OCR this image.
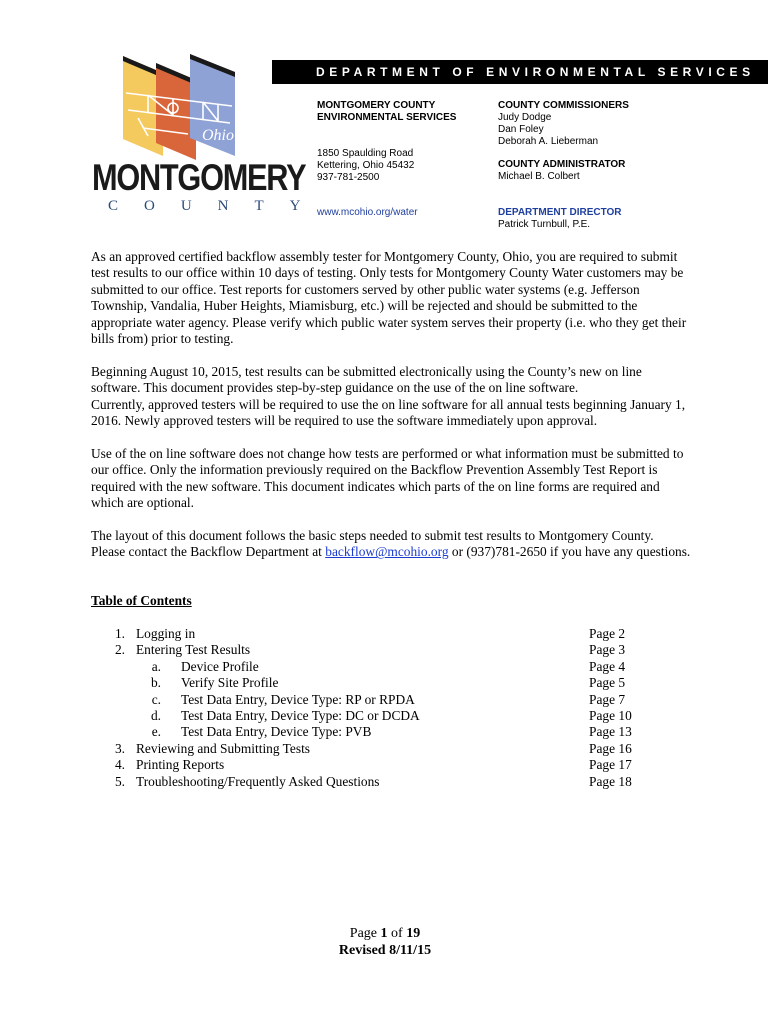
Ohio
MONTGOMERY
COUNTY
DEPARTMENT OF ENVIRONMENTAL SERVICES
MONTGOMERY COUNTY
ENVIRONMENTAL SERVICES
1850 Spaulding Road
Kettering, Ohio 45432
937-781-2500
www.mcohio.org/water
COUNTY COMMISSIONERS
Judy Dodge
Dan Foley
Deborah A. Lieberman
COUNTY ADMINISTRATOR
Michael B. Colbert
DEPARTMENT DIRECTOR
Patrick Turnbull, P.E.

As an approved certified backflow assembly tester for Montgomery County, Ohio, you are required to submit test results to our office within 10 days of testing. Only tests for Montgomery County Water customers may be submitted to our office. Test reports for customers served by other public water systems (e.g. Jefferson Township, Vandalia, Huber Heights, Miamisburg, etc.) will be rejected and should be submitted to the appropriate water agency. Please verify which public water system serves their property (i.e. who they get their bills from) prior to testing.

Beginning August 10, 2015, test results can be submitted electronically using the County’s new on line software. This document provides step-by-step guidance on the use of the on line software.

Currently, approved testers will be required to use the on line software for all annual tests beginning January 1, 2016. Newly approved testers will be required to use the software immediately upon approval.

Use of the on line software does not change how tests are performed or what information must be submitted to our office. Only the information previously required on the Backflow Prevention Assembly Test Report is required with the new software. This document indicates which parts of the on line forms are required and which are optional.

The layout of this document follows the basic steps needed to submit test results to Montgomery County. Please contact the Backflow Department at backflow@mcohio.org or (937)781-2650 if you have any questions.

Table of Contents
1. Logging in	Page 2
2. Entering Test Results	Page 3
a. Device Profile	Page 4
b. Verify Site Profile	Page 5
c. Test Data Entry, Device Type: RP or RPDA	Page 7
d. Test Data Entry, Device Type: DC or DCDA	Page 10
e. Test Data Entry, Device Type: PVB	Page 13
3. Reviewing and Submitting Tests	Page 16
4. Printing Reports	Page 17
5. Troubleshooting/Frequently Asked Questions	Page 18
Page 1 of 19
Revised 8/11/15
